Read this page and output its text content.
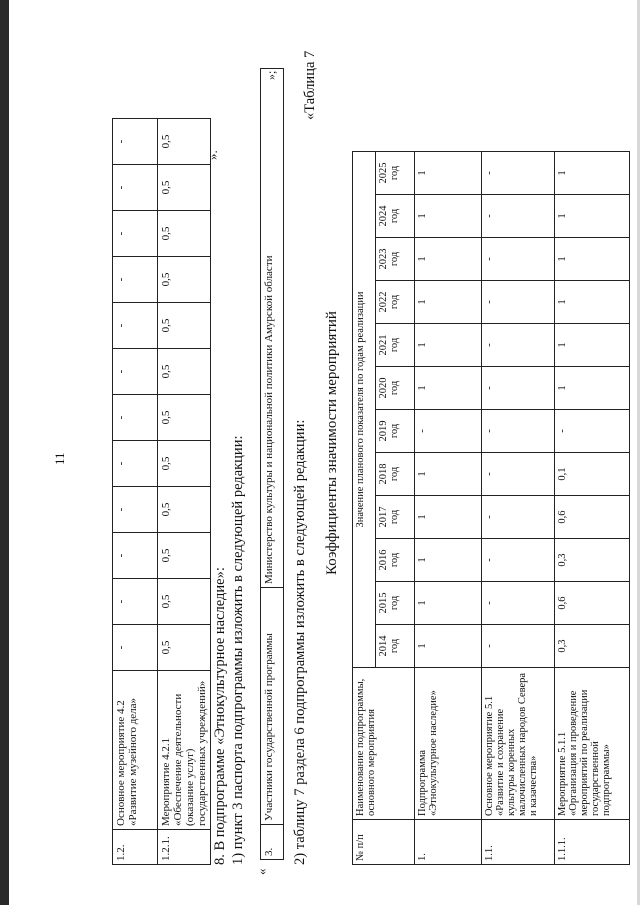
11
1.2.	Основное мероприятие 4.2 «Развитие музейного дела»	-	-	-	-	-	-	-	-	-	-	-	-
1.2.1.	Мероприятие 4.2.1 «Обеспечение деятельности (оказание услуг) государственных учреждений»	0,5	0,5	0,5	0,5	0,5	0,5	0,5	0,5	0,5	0,5	0,5	0,5
».
8. В подпрограмме «Этнокультурное наследие»: 1) пункт 3 паспорта подпрограммы изложить в следующей редакции:
«
3.	Участники государственной программы	Министерство культуры и национальной политики Амурской области
»;
2) таблицу 7 раздела 6 подпрограммы изложить в следующей редакции:
«Таблица 7
Коэффициенты значимости мероприятий
№ п/п	Наименование подпрограммы, основного мероприятия	Значение планового показателя по годам реализации											
		2014 год	2015 год	2016 год	2017 год	2018 год	2019 год	2020 год	2021 год	2022 год	2023 год	2024 год	2025 год
1.	Подпрограмма «Этнокультурное наследие»	1	1	1	1	1	-	1	1	1	1	1	1
1.1.	Основное мероприятие 5.1 «Развитие и сохранение культуры коренных малочисленных народов Севера и казачества»	-	-	-	-	-	-	-	-	-	-	-	-
1.1.1.	Мероприятие 5.1.1 «Организация и проведение мероприятий по реализации государственной подпрограммы»	0,3	0,6	0,3	0,6	0,1	-	1	1	1	1	1	1
